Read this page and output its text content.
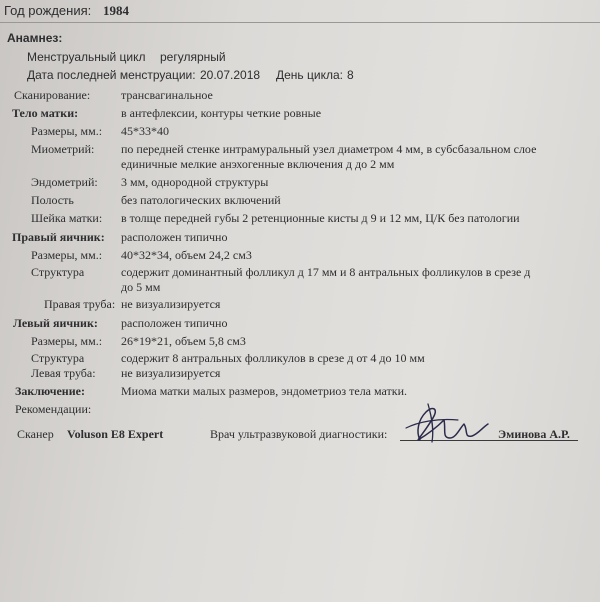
Год рождения: 1984
Анамнез:
Менструальный цикл регулярный
Дата последней менструации: 20.07.2018 День цикла: 8
Сканирование:	трансвагинальное
Тело матки:	в антефлексии, контуры четкие ровные
Размеры, мм.: 45*33*40
Миометрий: по передней стенке интрамуральный узел диаметром 4 мм, в субсбазальном слое
единичные мелкие анэхогенные включения д до 2 мм
Эндометрий: 3 мм, однородной структуры
Полость	без патологических включений
Шейка матки: в толще передней губы 2 ретенционные кисты д 9 и 12 мм, Ц/К без патологии
Правый яичник: расположен типично
Размеры, мм.: 40*32*34, объем 24,2 см3
Структура	содержит доминантный фолликул д 17 мм и 8 антральных фолликулов в срезе д
до 5 мм
Правая труба: не визуализируется
Левый яичник: расположен типично
Размеры, мм.: 26*19*21, объем 5,8 см3
Структура	содержит 8 антральных фолликулов в срезе д от 4 до 10 мм
Левая труба: не визуализируется
Заключение:	Миома матки малых размеров, эндометриоз тела матки.
Рекомендации:
Сканер Voluson E8 Expert	Врач ультразвуковой диагностики:	Эминова А.Р.
